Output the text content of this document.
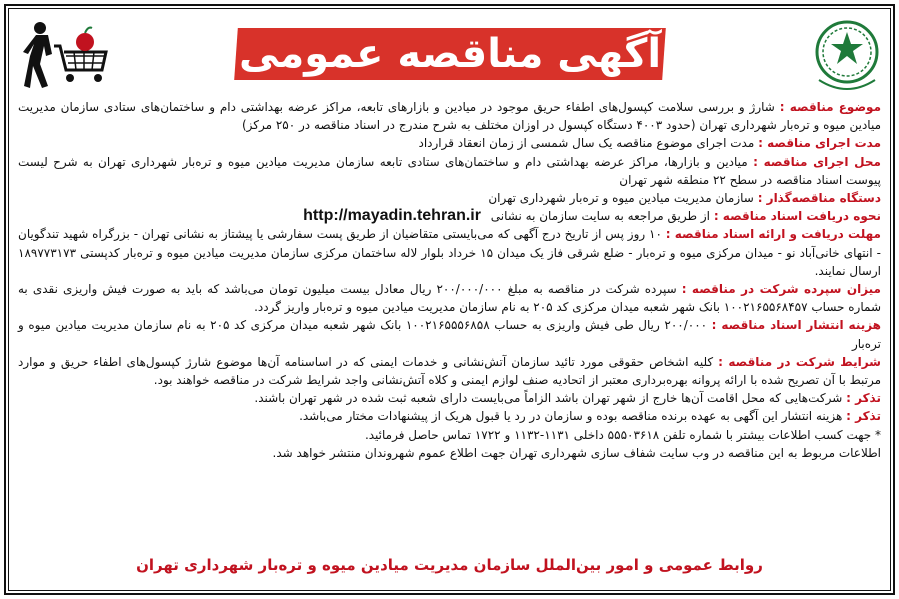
آگهی مناقصه عمومی

موضوع مناقصه : شارژ و بررسی سلامت کپسول‌های اطفاء حریق موجود در میادین و بازارهای تابعه، مراکز عرضه بهداشتی دام و ساختمان‌های ستادی سازمان مدیریت میادین میوه و تره‌بار شهرداری تهران (حدود ۴۰۰۳ دستگاه کپسول در اوزان مختلف به شرح مندرج در اسناد مناقصه در ۲۵۰ مرکز)

مدت اجرای مناقصه : مدت اجرای موضوع مناقصه یک سال شمسی از زمان انعقاد قرارداد

محل اجرای مناقصه : میادین و بازارها، مراکز عرضه بهداشتی دام و ساختمان‌های ستادی تابعه سازمان مدیریت میادین میوه و تره‌بار شهرداری تهران به شرح لیست پیوست اسناد مناقصه در سطح ۲۲ منطقه شهر تهران

دستگاه مناقصه‌گذار : سازمان مدیریت میادین میوه و تره‌بار شهرداری تهران

نحوه دریافت اسناد مناقصه : از طریق مراجعه به سایت سازمان به نشانی http://mayadin.tehran.ir

مهلت دریافت و ارائه اسناد مناقصه : ۱۰ روز پس از تاریخ درج آگهی که می‌بایستی متقاضیان از طریق پست سفارشی یا پیشتاز به نشانی تهران - بزرگراه شهید تندگویان - انتهای خانی‌آباد نو - میدان مرکزی میوه و تره‌بار - ضلع شرقی فاز یک میدان ۱۵ خرداد بلوار لاله ساختمان مرکزی سازمان مدیریت میادین میوه و تره‌بار کدپستی ۱۸۹۷۷۳۱۷۳ ارسال نمایند.

میزان سپرده شرکت در مناقصه : سپرده شرکت در مناقصه به مبلغ ۲۰۰/۰۰۰/۰۰۰ ریال معادل بیست میلیون تومان می‌باشد که باید به صورت فیش واریزی نقدی به شماره حساب ۱۰۰۲۱۶۵۵۶۸۴۵۷ بانک شهر شعبه میدان مرکزی کد ۲۰۵ به نام سازمان مدیریت میادین میوه و تره‌بار واریز گردد.

هزینه انتشار اسناد مناقصه : ۲۰۰/۰۰۰ ریال طی فیش واریزی به حساب ۱۰۰۲۱۶۵۵۵۶۸۵۸ بانک شهر شعبه میدان مرکزی کد ۲۰۵ به نام سازمان مدیریت میادین میوه و تره‌بار

شرایط شرکت در مناقصه : کلیه اشخاص حقوقی مورد تائید سازمان آتش‌نشانی و خدمات ایمنی که در اساسنامه آن‌ها موضوع شارژ کپسول‌های اطفاء حریق و موارد مرتبط با آن تصریح شده با ارائه پروانه بهره‌برداری معتبر از اتحادیه صنف لوازم ایمنی و کلاه آتش‌نشانی واجد شرایط شرکت در مناقصه خواهند بود.

تذکر : شرکت‌هایی که محل اقامت آن‌ها خارج از شهر تهران باشد الزاماً می‌بایست دارای شعبه ثبت شده در شهر تهران باشند.

تذکر : هزینه انتشار این آگهی به عهده برنده مناقصه بوده و سازمان در رد یا قبول هریک از پیشنهادات مختار می‌باشد.

* جهت کسب اطلاعات بیشتر با شماره تلفن ۵۵۵۰۳۶۱۸ داخلی ۱۱۳۱-۱۱۳۲ و ۱۷۲۲ تماس حاصل فرمائید.

اطلاعات مربوط به این مناقصه در وب سایت شفاف سازی شهرداری تهران جهت اطلاع عموم شهروندان منتشر خواهد شد.

روابط عمومی و امور بین‌الملل سازمان مدیریت میادین میوه و تره‌بار شهرداری تهران
